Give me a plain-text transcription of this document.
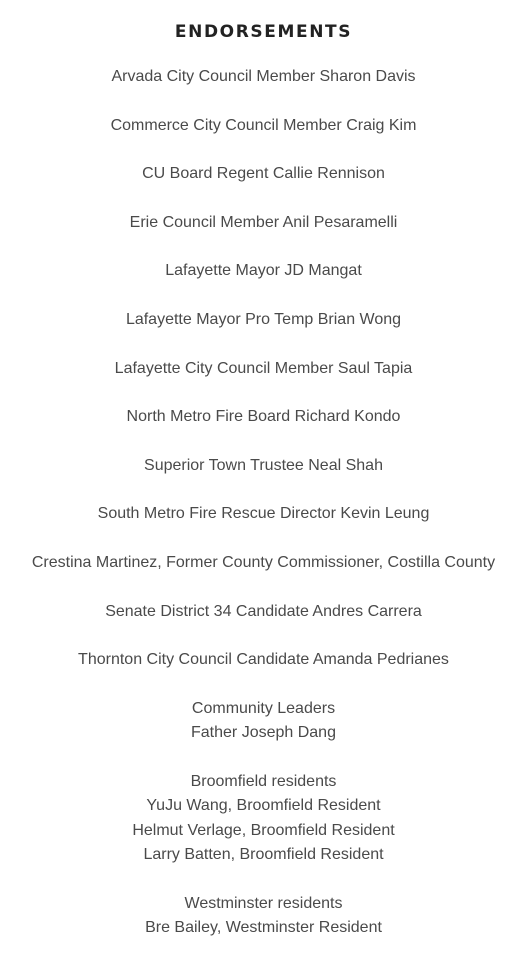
ENDORSEMENTS
Arvada City Council Member Sharon Davis
Commerce City Council Member Craig Kim
CU Board Regent Callie Rennison
Erie Council Member Anil Pesaramelli
Lafayette Mayor JD Mangat
Lafayette Mayor Pro Temp Brian Wong
Lafayette City Council Member Saul Tapia
North Metro Fire Board Richard Kondo
Superior Town Trustee Neal Shah
South Metro Fire Rescue Director Kevin Leung
Crestina Martinez, Former County Commissioner, Costilla County
Senate District 34 Candidate Andres Carrera
Thornton City Council Candidate Amanda Pedrianes
Community Leaders
Father Joseph Dang
Broomfield residents
YuJu Wang, Broomfield Resident
Helmut Verlage, Broomfield Resident
Larry Batten, Broomfield Resident
Westminster residents
Bre Bailey, Westminster Resident
